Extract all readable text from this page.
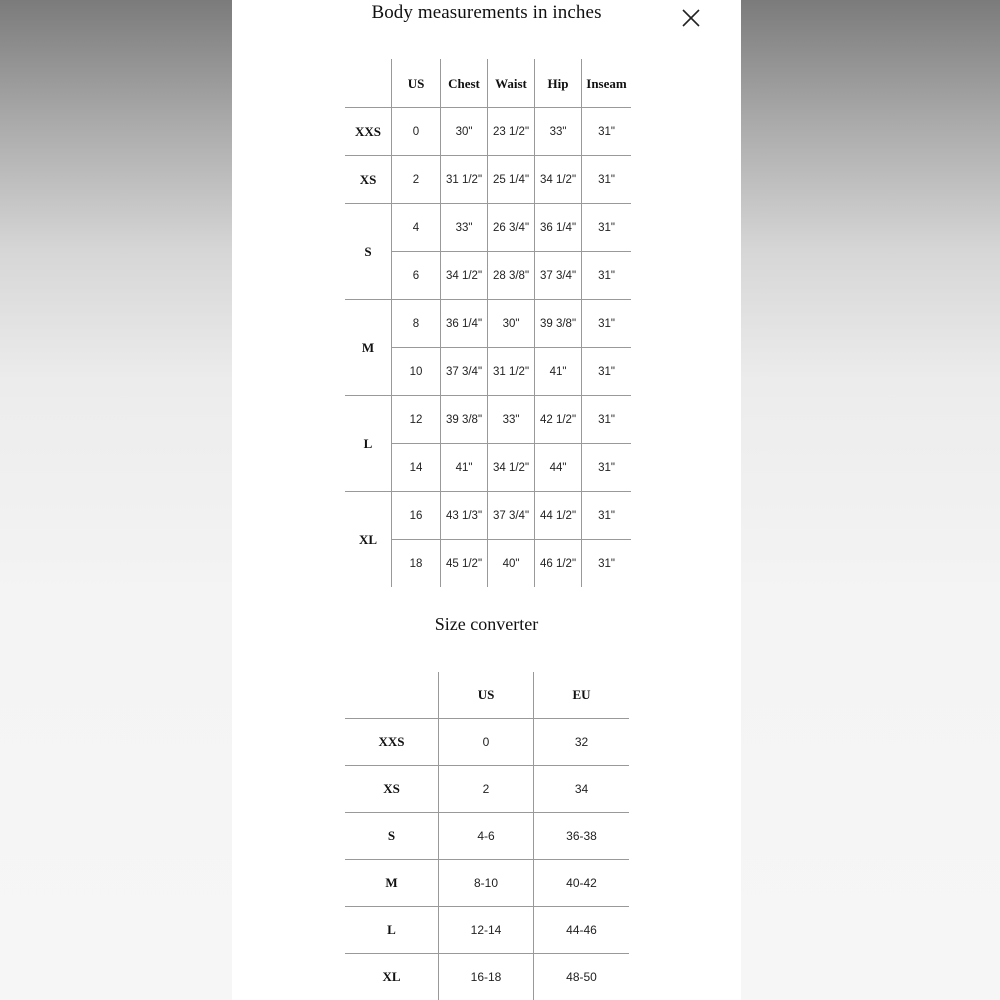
Body measurements in inches
	US	Chest	Waist	Hip	Inseam
XXS	0	30"	23 1/2"	33"	31"
XS	2	31 1/2"	25 1/4"	34 1/2"	31"
S	4	33"	26 3/4"	36 1/4"	31"
	6	34 1/2"	28 3/8"	37 3/4"	31"
M	8	36 1/4"	30"	39 3/8"	31"
	10	37 3/4"	31 1/2"	41"	31"
L	12	39 3/8"	33"	42 1/2"	31"
	14	41"	34 1/2"	44"	31"
XL	16	43 1/3"	37 3/4"	44 1/2"	31"
	18	45 1/2"	40"	46 1/2"	31"
Size converter
	US	EU
XXS	0	32
XS	2	34
S	4-6	36-38
M	8-10	40-42
L	12-14	44-46
XL	16-18	48-50
